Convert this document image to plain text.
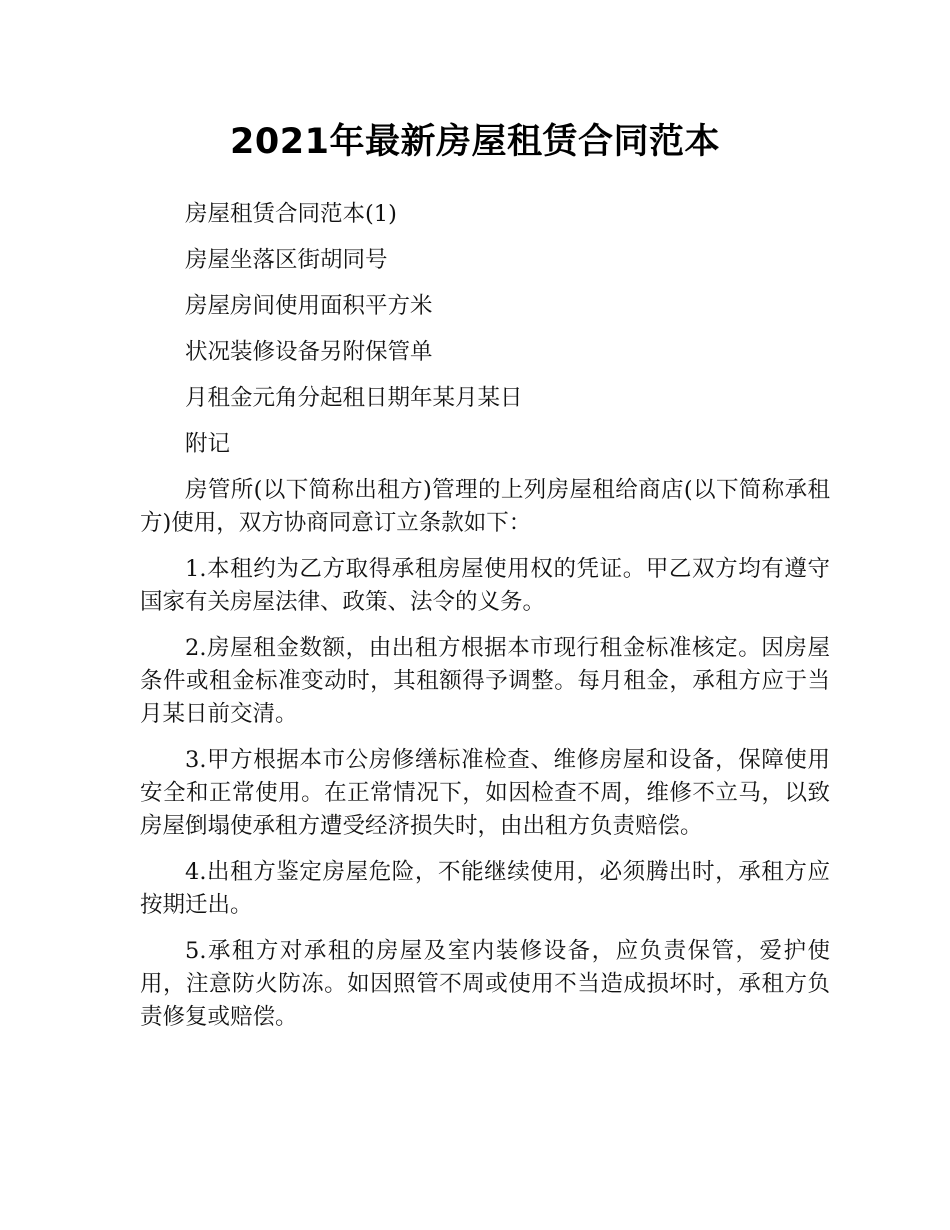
2021年最新房屋租赁合同范本

房屋租赁合同范本(1)

房屋坐落区街胡同号

房屋房间使用面积平方米

状况装修设备另附保管单

月租金元角分起租日期年某月某日

附记

房管所(以下简称出租方)管理的上列房屋租给商店(以下简称承租方)使用，双方协商同意订立条款如下：

1.本租约为乙方取得承租房屋使用权的凭证。甲乙双方均有遵守国家有关房屋法律、政策、法令的义务。

2.房屋租金数额，由出租方根据本市现行租金标准核定。因房屋条件或租金标准变动时，其租额得予调整。每月租金，承租方应于当月某日前交清。

3.甲方根据本市公房修缮标准检查、维修房屋和设备，保障使用安全和正常使用。在正常情况下，如因检查不周，维修不立马，以致房屋倒塌使承租方遭受经济损失时，由出租方负责赔偿。

4.出租方鉴定房屋危险，不能继续使用，必须腾出时，承租方应按期迁出。

5.承租方对承租的房屋及室内装修设备，应负责保管，爱护使用，注意防火防冻。如因照管不周或使用不当造成损坏时，承租方负责修复或赔偿。
